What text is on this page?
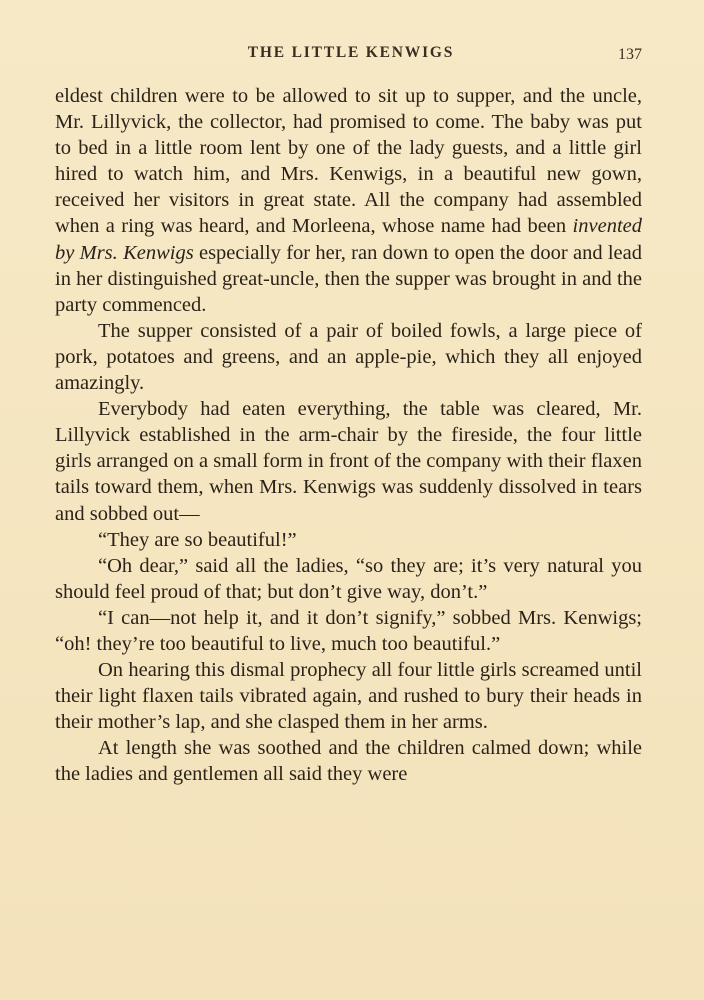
THE LITTLE KENWIGS	137

eldest children were to be allowed to sit up to supper, and the uncle, Mr. Lillyvick, the collector, had promised to come. The baby was put to bed in a little room lent by one of the lady guests, and a little girl hired to watch him, and Mrs. Kenwigs, in a beautiful new gown, received her visitors in great state. All the company had assembled when a ring was heard, and Morleena, whose name had been invented by Mrs. Kenwigs especially for her, ran down to open the door and lead in her distinguished great-uncle, then the supper was brought in and the party commenced.

The supper consisted of a pair of boiled fowls, a large piece of pork, potatoes and greens, and an apple-pie, which they all enjoyed amazingly.

Everybody had eaten everything, the table was cleared, Mr. Lillyvick established in the arm-chair by the fireside, the four little girls arranged on a small form in front of the company with their flaxen tails toward them, when Mrs. Kenwigs was suddenly dissolved in tears and sobbed out—

“They are so beautiful!”

“Oh dear,” said all the ladies, “so they are; it’s very natural you should feel proud of that; but don’t give way, don’t.”

“I can—not help it, and it don’t signify,” sobbed Mrs. Kenwigs; “oh! they’re too beautiful to live, much too beautiful.”

On hearing this dismal prophecy all four little girls screamed until their light flaxen tails vibrated again, and rushed to bury their heads in their mother’s lap, and she clasped them in her arms.

At length she was soothed and the children calmed down; while the ladies and gentlemen all said they were
